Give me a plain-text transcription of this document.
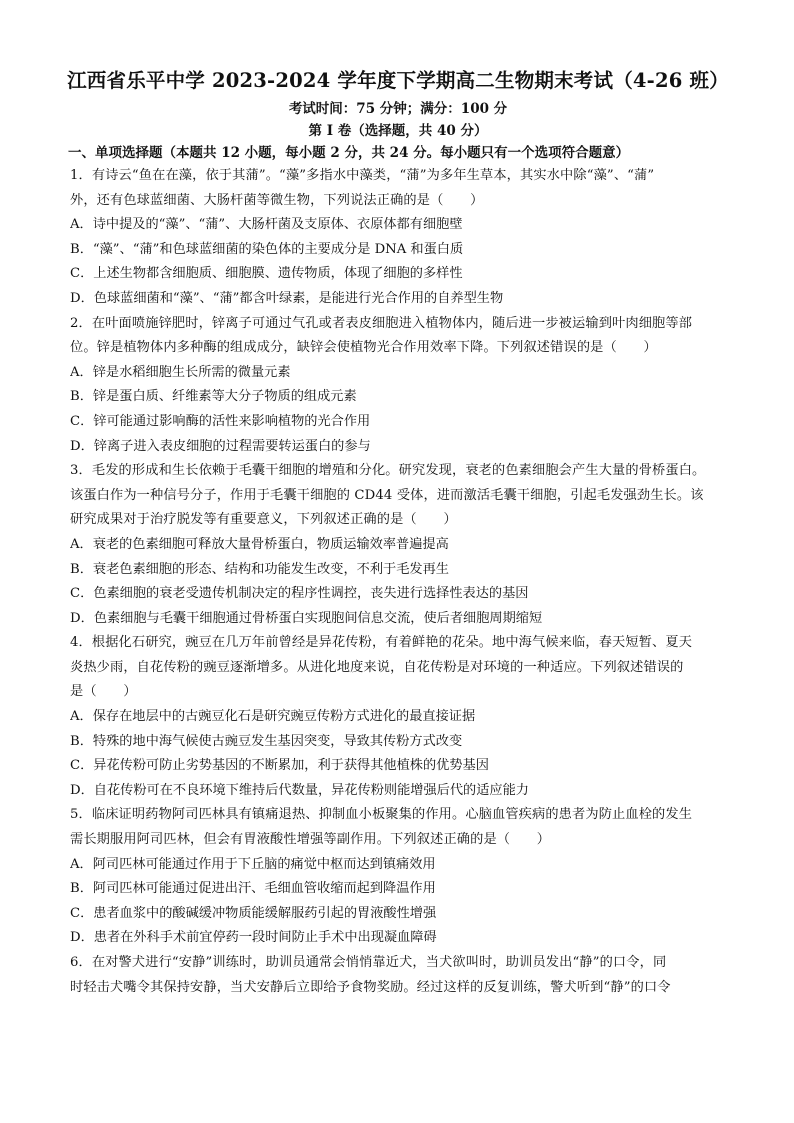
江西省乐平中学 2023-2024 学年度下学期高二生物期末考试（4-26 班）
考试时间：75 分钟；满分：100 分
第 I 卷（选择题，共 40 分）
一、单项选择题（本题共 12 小题，每小题 2 分，共 24 分。每小题只有一个选项符合题意）
1．有诗云“鱼在在藻，依于其蒲”。“藻”多指水中藻类，“蒲”为多年生草本，其实水中除“藻”、“蒲”
外，还有色球蓝细菌、大肠杆菌等微生物，下列说法正确的是（　　）
A．诗中提及的“藻”、“蒲”、大肠杆菌及支原体、衣原体都有细胞壁
B．“藻”、“蒲”和色球蓝细菌的染色体的主要成分是 DNA 和蛋白质
C．上述生物都含细胞质、细胞膜、遗传物质，体现了细胞的多样性
D．色球蓝细菌和“藻”、“蒲”都含叶绿素，是能进行光合作用的自养型生物
2．在叶面喷施锌肥时，锌离子可通过气孔或者表皮细胞进入植物体内，随后进一步被运输到叶肉细胞等部
位。锌是植物体内多种酶的组成成分，缺锌会使植物光合作用效率下降。下列叙述错误的是（　　）
A．锌是水稻细胞生长所需的微量元素
B．锌是蛋白质、纤维素等大分子物质的组成元素
C．锌可能通过影响酶的活性来影响植物的光合作用
D．锌离子进入表皮细胞的过程需要转运蛋白的参与
3．毛发的形成和生长依赖于毛囊干细胞的增殖和分化。研究发现，衰老的色素细胞会产生大量的骨桥蛋白。
该蛋白作为一种信号分子，作用于毛囊干细胞的 CD44 受体，进而激活毛囊干细胞，引起毛发强劲生长。该
研究成果对于治疗脱发等有重要意义，下列叙述正确的是（　　）
A．衰老的色素细胞可释放大量骨桥蛋白，物质运输效率普遍提高
B．衰老色素细胞的形态、结构和功能发生改变，不利于毛发再生
C．色素细胞的衰老受遗传机制决定的程序性调控，丧失进行选择性表达的基因
D．色素细胞与毛囊干细胞通过骨桥蛋白实现胞间信息交流，使后者细胞周期缩短
4．根据化石研究，豌豆在几万年前曾经是异花传粉，有着鲜艳的花朵。地中海气候来临，春天短暂、夏天
炎热少雨，自花传粉的豌豆逐渐增多。从进化地度来说，自花传粉是对环境的一种适应。下列叙述错误的
是（　　）
A．保存在地层中的古豌豆化石是研究豌豆传粉方式进化的最直接证据
B．特殊的地中海气候使古豌豆发生基因突变，导致其传粉方式改变
C．异花传粉可防止劣势基因的不断累加，利于获得其他植株的优势基因
D．自花传粉可在不良环境下维持后代数量，异花传粉则能增强后代的适应能力
5．临床证明药物阿司匹林具有镇痛退热、抑制血小板聚集的作用。心脑血管疾病的患者为防止血栓的发生
需长期服用阿司匹林，但会有胃液酸性增强等副作用。下列叙述正确的是（　　）
A．阿司匹林可能通过作用于下丘脑的痛觉中枢而达到镇痛效用
B．阿司匹林可能通过促进出汗、毛细血管收缩而起到降温作用
C．患者血浆中的酸碱缓冲物质能缓解服药引起的胃液酸性增强
D．患者在外科手术前宜停药一段时间防止手术中出现凝血障碍
6．在对警犬进行“安静”训练时，助训员通常会悄悄靠近犬，当犬欲叫时，助训员发出“静”的口令，同
时轻击犬嘴令其保持安静，当犬安静后立即给予食物奖励。经过这样的反复训练，警犬听到“静”的口令
